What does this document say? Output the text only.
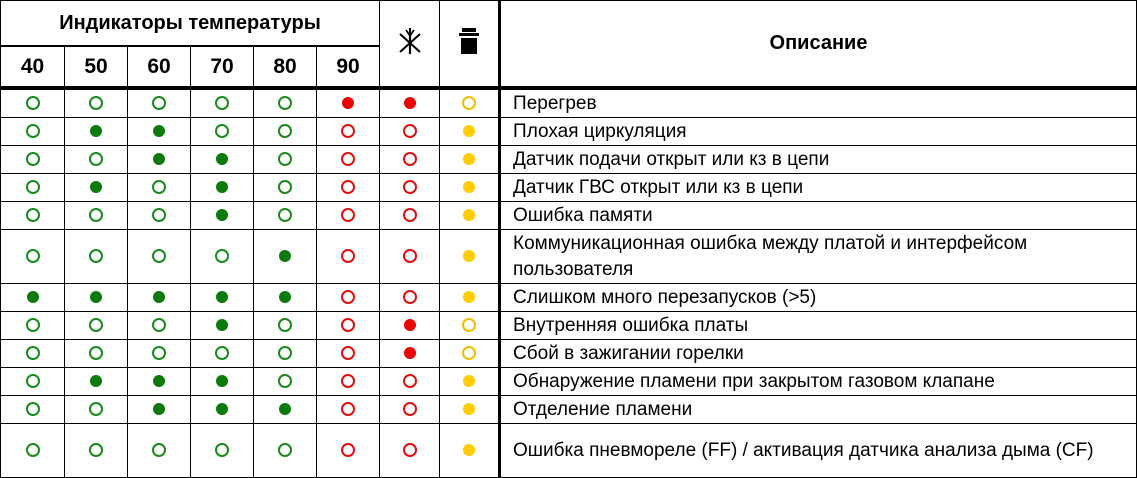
Индикаторы температуры								Описание
40	50	60	70	80	90			
								Перегрев
								Плохая циркуляция
								Датчик подачи открыт или кз в цепи
								Датчик ГВС открыт или кз в цепи
								Ошибка памяти
								Коммуникационная ошибка между платой и интерфейсом пользователя
								Слишком много перезапусков (>5)
								Внутренняя ошибка платы
								Сбой в зажигании горелки
								Обнаружение пламени при закрытом газовом клапане
								Отделение пламени
								Ошибка пневмореле (FF) / активация датчика анализа дыма (CF)
